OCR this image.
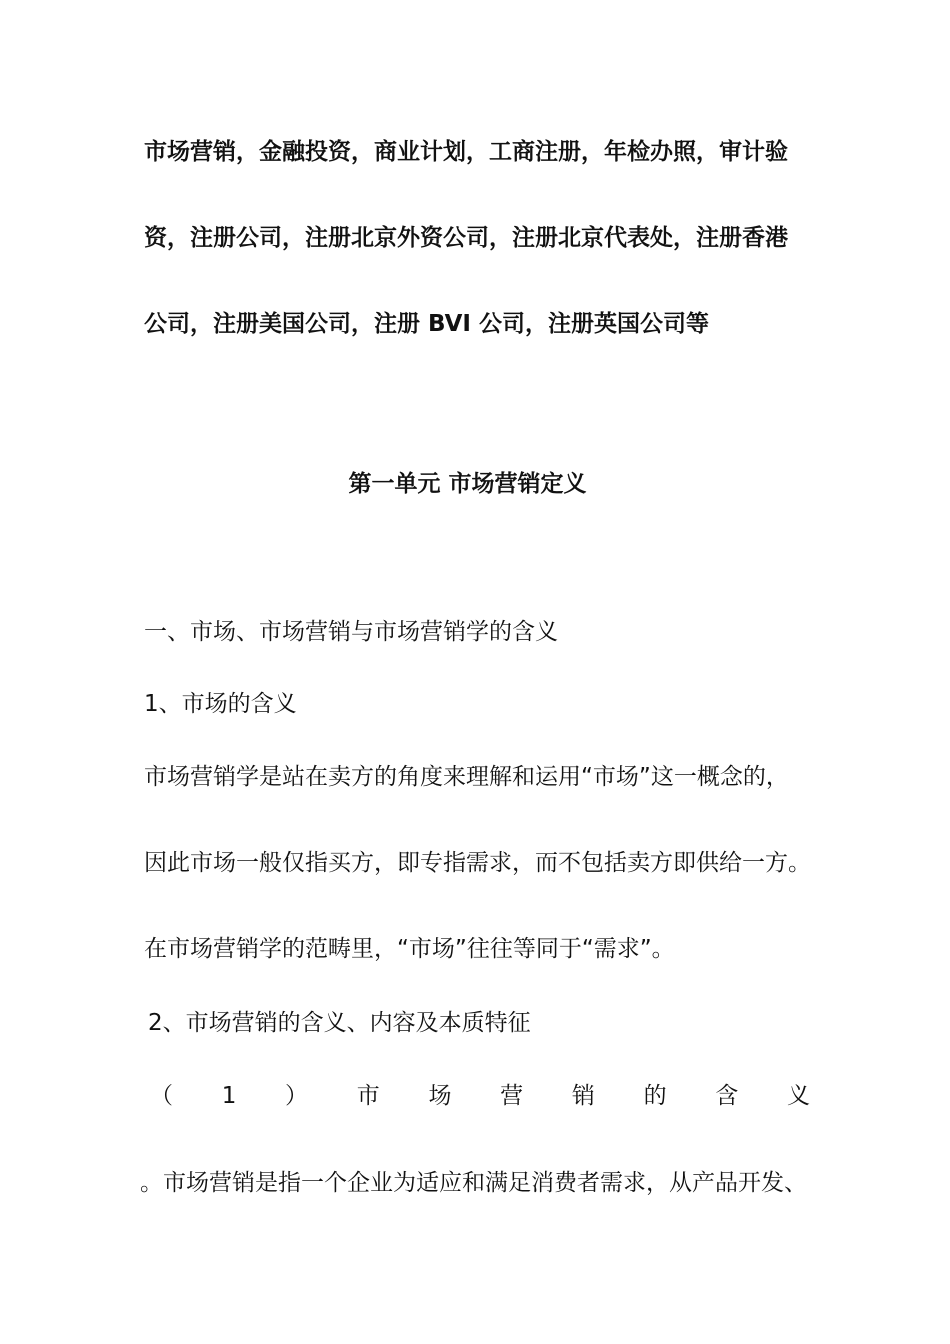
市场营销，金融投资，商业计划，工商注册，年检办照，审计验
资，注册公司，注册北京外资公司，注册北京代表处，注册香港
公司，注册美国公司，注册 BVI 公司，注册英国公司等
第一单元 市场营销定义
一、市场、市场营销与市场营销学的含义
1、市场的含义
市场营销学是站在卖方的角度来理解和运用“市场”这一概念的，
因此市场一般仅指买方，即专指需求，而不包括卖方即供给一方。
在市场营销学的范畴里，“市场”往往等同于“需求”。
2、市场营销的含义、内容及本质特征
（ 1 ） 市 场 营 销 的 含 义
。市场营销是指一个企业为适应和满足消费者需求，从产品开发、
